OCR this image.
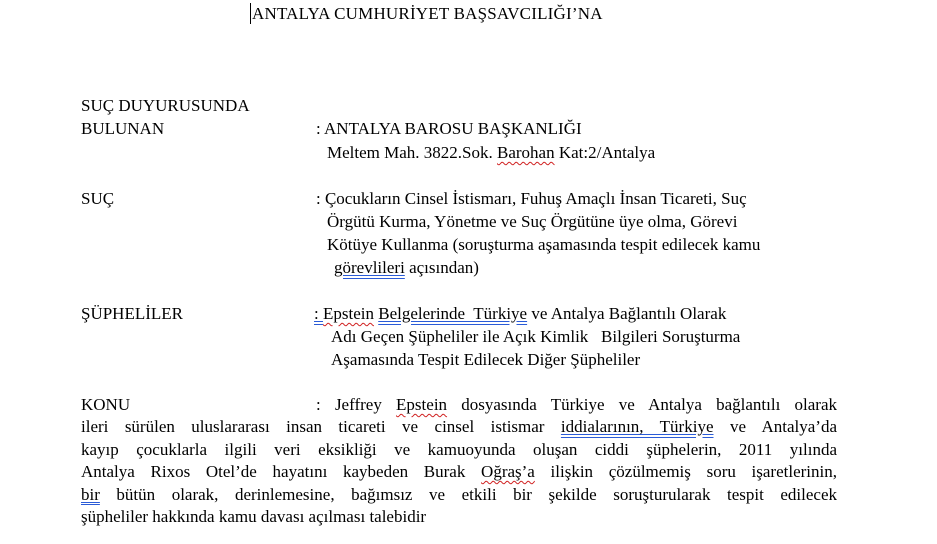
ANTALYA CUMHURİYET BAŞSAVCILIĞI’NA
SUÇ DUYURUSUNDA
BULUNAN	: ANTALYA BAROSU BAŞKANLIĞI
Meltem Mah. 3822.Sok. Barohan Kat:2/Antalya
SUÇ	: Çocukların Cinsel İstismarı, Fuhuş Amaçlı İnsan Ticareti, Suç
Örgütü Kurma, Yönetme ve Suç Örgütüne üye olma, Görevi
Kötüye Kullanma (soruşturma aşamasında tespit edilecek kamu
görevlileri açısından)
ŞÜPHELİLER	: Epstein Belgelerinde  Türkiye ve Antalya Bağlantılı Olarak
Adı Geçen Şüpheliler ile Açık Kimlik   Bilgileri Soruşturma
Aşamasında Tespit Edilecek Diğer Şüpheliler
KONU	: Jeffrey Epstein dosyasında Türkiye ve Antalya bağlantılı olarak
ileri sürülen uluslararası insan ticareti ve cinsel istismar iddialarının, Türkiye ve Antalya’da
kayıp çocuklarla ilgili veri eksikliği ve kamuoyunda oluşan ciddi şüphelerin, 2011 yılında
Antalya Rixos Otel’de hayatını kaybeden Burak Oğraş’a ilişkin çözülmemiş soru işaretlerinin,
bir bütün olarak, derinlemesine, bağımsız ve etkili bir şekilde soruşturularak tespit edilecek
şüpheliler hakkında kamu davası açılması talebidir
